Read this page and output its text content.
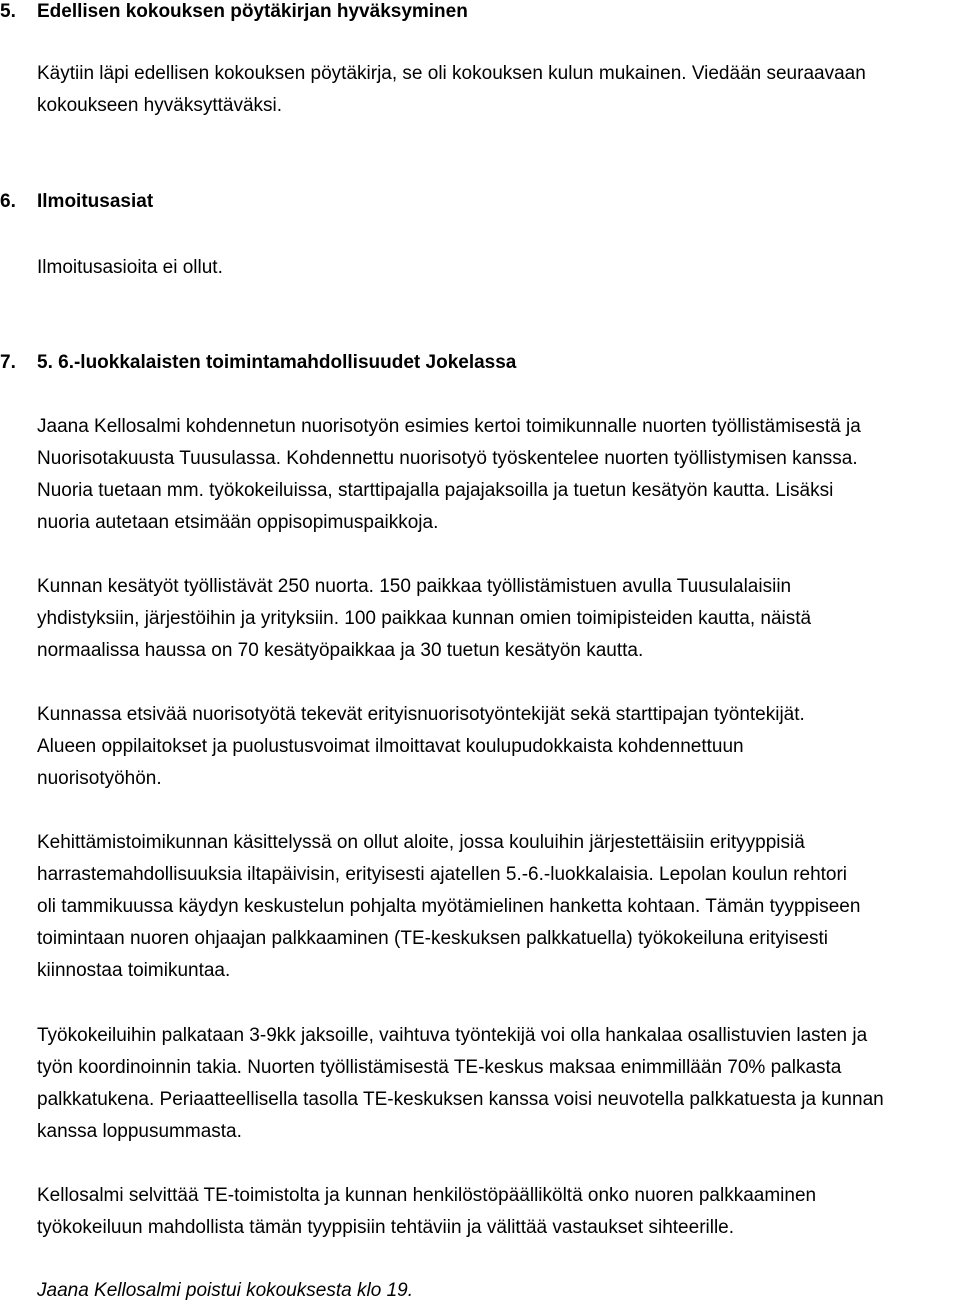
5. Edellisen kokouksen pöytäkirjan hyväksyminen
Käytiin läpi edellisen kokouksen pöytäkirja, se oli kokouksen kulun mukainen. Viedään seuraavaan
kokoukseen hyväksyttäväksi.
6. Ilmoitusasiat
Ilmoitusasioita ei ollut.
7. 5. 6.-luokkalaisten toimintamahdollisuudet Jokelassa
Jaana Kellosalmi kohdennetun nuorisotyön esimies kertoi toimikunnalle nuorten työllistämisestä ja
Nuorisotakuusta Tuusulassa. Kohdennettu nuorisotyö työskentelee nuorten työllistymisen kanssa.
Nuoria tuetaan mm. työkokeiluissa, starttipajalla pajajaksoilla ja tuetun kesätyön kautta. Lisäksi
nuoria autetaan etsimään oppisopimuspaikkoja.
Kunnan kesätyöt työllistävät 250 nuorta. 150 paikkaa työllistämistuen avulla Tuusulalaisiin
yhdistyksiin, järjestöihin ja yrityksiin. 100 paikkaa kunnan omien toimipisteiden kautta, näistä
normaalissa haussa on 70 kesätyöpaikkaa ja 30 tuetun kesätyön kautta.
Kunnassa etsivää nuorisotyötä tekevät erityisnuorisotyöntekijät sekä starttipajan työntekijät.
Alueen oppilaitokset ja puolustusvoimat ilmoittavat koulupudokkaista kohdennettuun
nuorisotyöhön.
Kehittämistoimikunnan käsittelyssä on ollut aloite, jossa kouluihin järjestettäisiin erityyppisiä
harrastemahdollisuuksia iltapäivisin, erityisesti ajatellen 5.-6.-luokkalaisia. Lepolan koulun rehtori
oli tammikuussa käydyn keskustelun pohjalta myötämielinen hanketta kohtaan. Tämän tyyppiseen
toimintaan nuoren ohjaajan palkkaaminen (TE-keskuksen palkkatuella) työkokeiluna erityisesti
kiinnostaa toimikuntaa.
Työkokeiluihin palkataan 3-9kk jaksoille, vaihtuva työntekijä voi olla hankalaa osallistuvien lasten ja
työn koordinoinnin takia. Nuorten työllistämisestä TE-keskus maksaa enimmillään 70% palkasta
palkkatukena. Periaatteellisella tasolla TE-keskuksen kanssa voisi neuvotella palkkatuesta ja kunnan
kanssa loppusummasta.
Kellosalmi selvittää TE-toimistolta ja kunnan henkilöstöpäälliköltä onko nuoren palkkaaminen
työkokeiluun mahdollista tämän tyyppisiin tehtäviin ja välittää vastaukset sihteerille.
Jaana Kellosalmi poistui kokouksesta klo 19.
